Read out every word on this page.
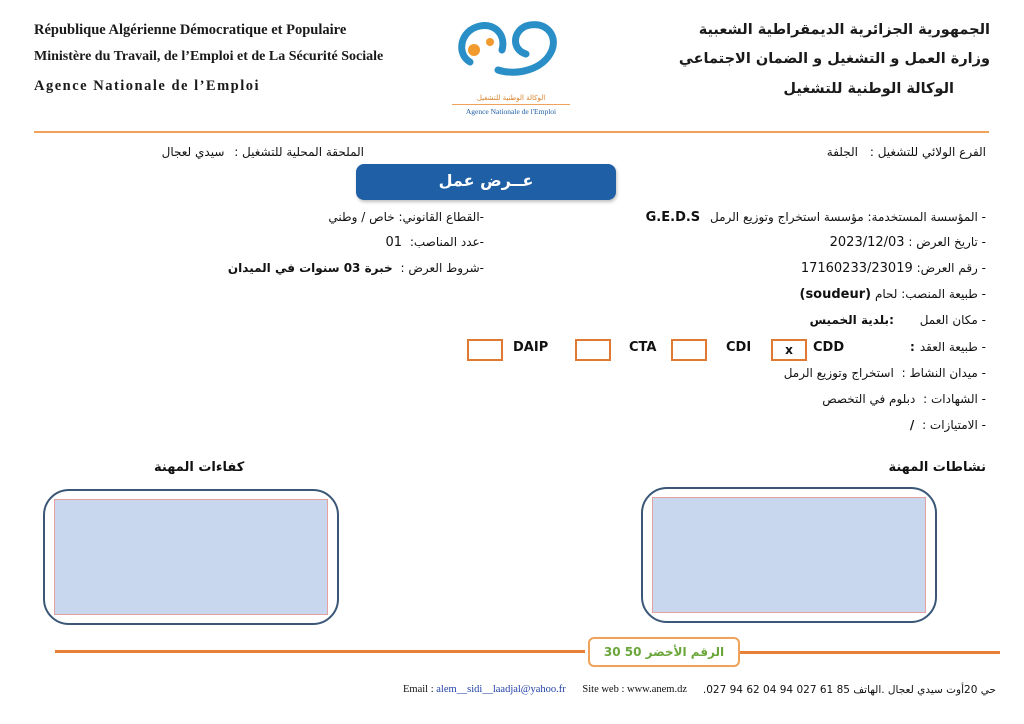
République Algérienne Démocratique et Populaire
Ministère du Travail, de l’Emploi et de La Sécurité Sociale
Agence Nationale de l’Emploi
الجمهورية الجزائرية الديمقراطية الشعبية
وزارة العمل و التشغيل و الضمان الاجتماعي
الوكالة الوطنية للتشغيل
الوكالة الوطنية للتشغيل
Agence Nationale de l'Emploi
الفرع الولائي للتشغيل : الجلفة
الملحقة المحلية للتشغيل : سيدي لعجال
عــرض عمل
- المؤسسة المستخدمة: مؤسسة استخراج وتوزيع الرمل G.E.D.S
- تاريخ العرض : 2023/12/03
- رقم العرض: 17160233/23019
- طبيعة المنصب: لحام (soudeur)
- مكان العمل :بلدية الخميس
- طبيعة العقد
:
CDD
x
CDI
CTA
DAIP
- ميدان النشاط : استخراج وتوزيع الرمل
- الشهادات : دبلوم في التخصص
- الامتيازات : /
-القطاع القانوني: خاص / وطني
-عدد المناصب: 01
-شروط العرض : خبرة 03 سنوات في الميدان
نشاطات المهنة
كفاءات المهنة
الرقم الأخضر 50 30
Email : alem__sidi__laadjal@yahoo.fr Site web : www.anem.dz حي 20أوت سيدي لعجال .الهاتف 85 61 027 94 04 62 94 027.
